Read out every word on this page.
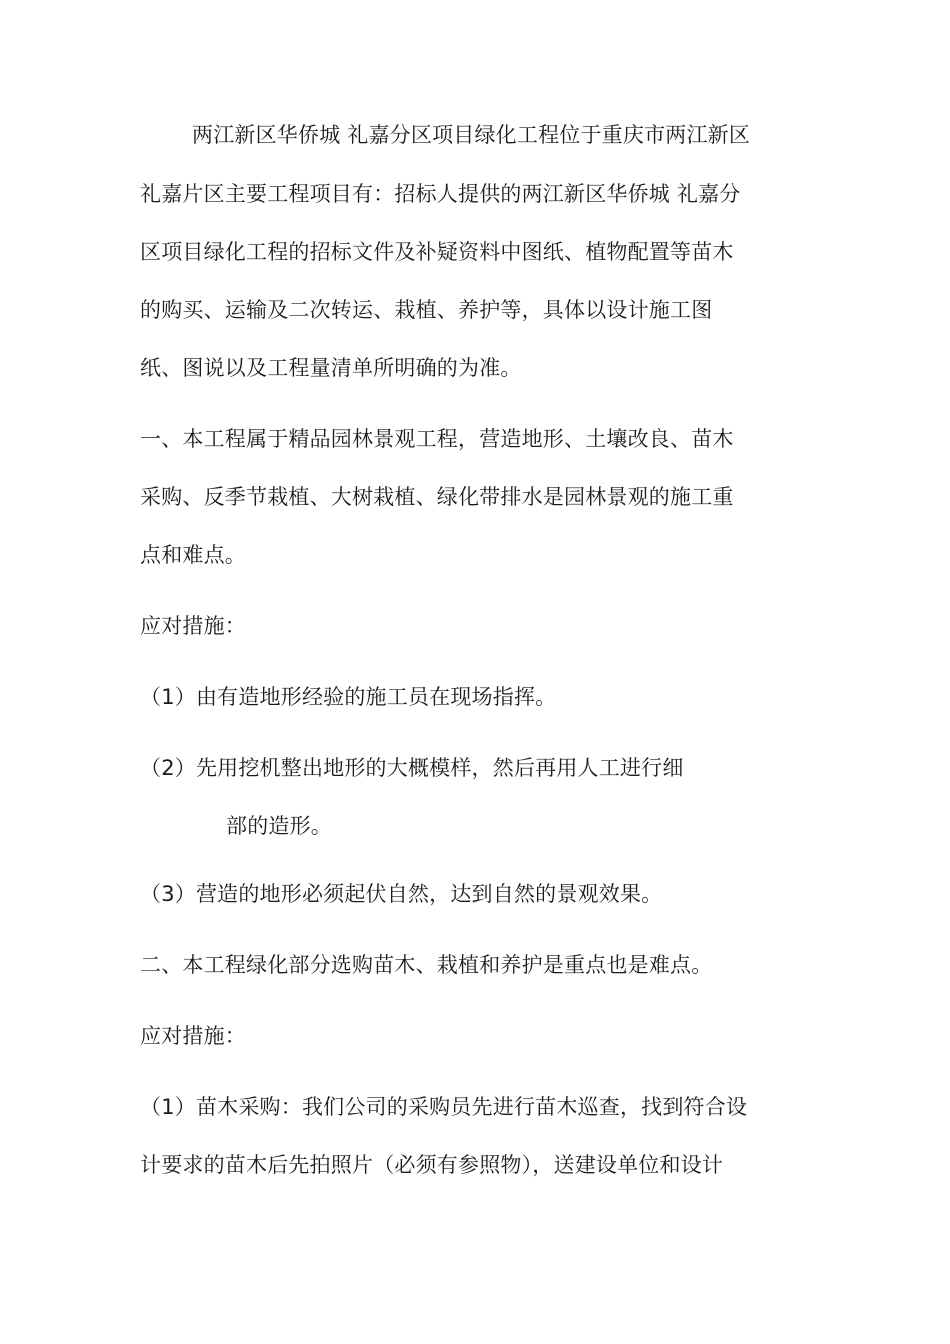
两江新区华侨城 礼嘉分区项目绿化工程位于重庆市两江新区
礼嘉片区主要工程项目有：招标人提供的两江新区华侨城 礼嘉分
区项目绿化工程的招标文件及补疑资料中图纸、植物配置等苗木
的购买、运输及二次转运、栽植、养护等，具体以设计施工图
纸、图说以及工程量清单所明确的为准。
一、本工程属于精品园林景观工程，营造地形、土壤改良、苗木
采购、反季节栽植、大树栽植、绿化带排水是园林景观的施工重
点和难点。
应对措施：
（1）由有造地形经验的施工员在现场指挥。
（2）先用挖机整出地形的大概模样，然后再用人工进行细
部的造形。
（3）营造的地形必须起伏自然，达到自然的景观效果。
二、本工程绿化部分选购苗木、栽植和养护是重点也是难点。
应对措施：
（1）苗木采购：我们公司的采购员先进行苗木巡查，找到符合设
计要求的苗木后先拍照片（必须有参照物），送建设单位和设计
